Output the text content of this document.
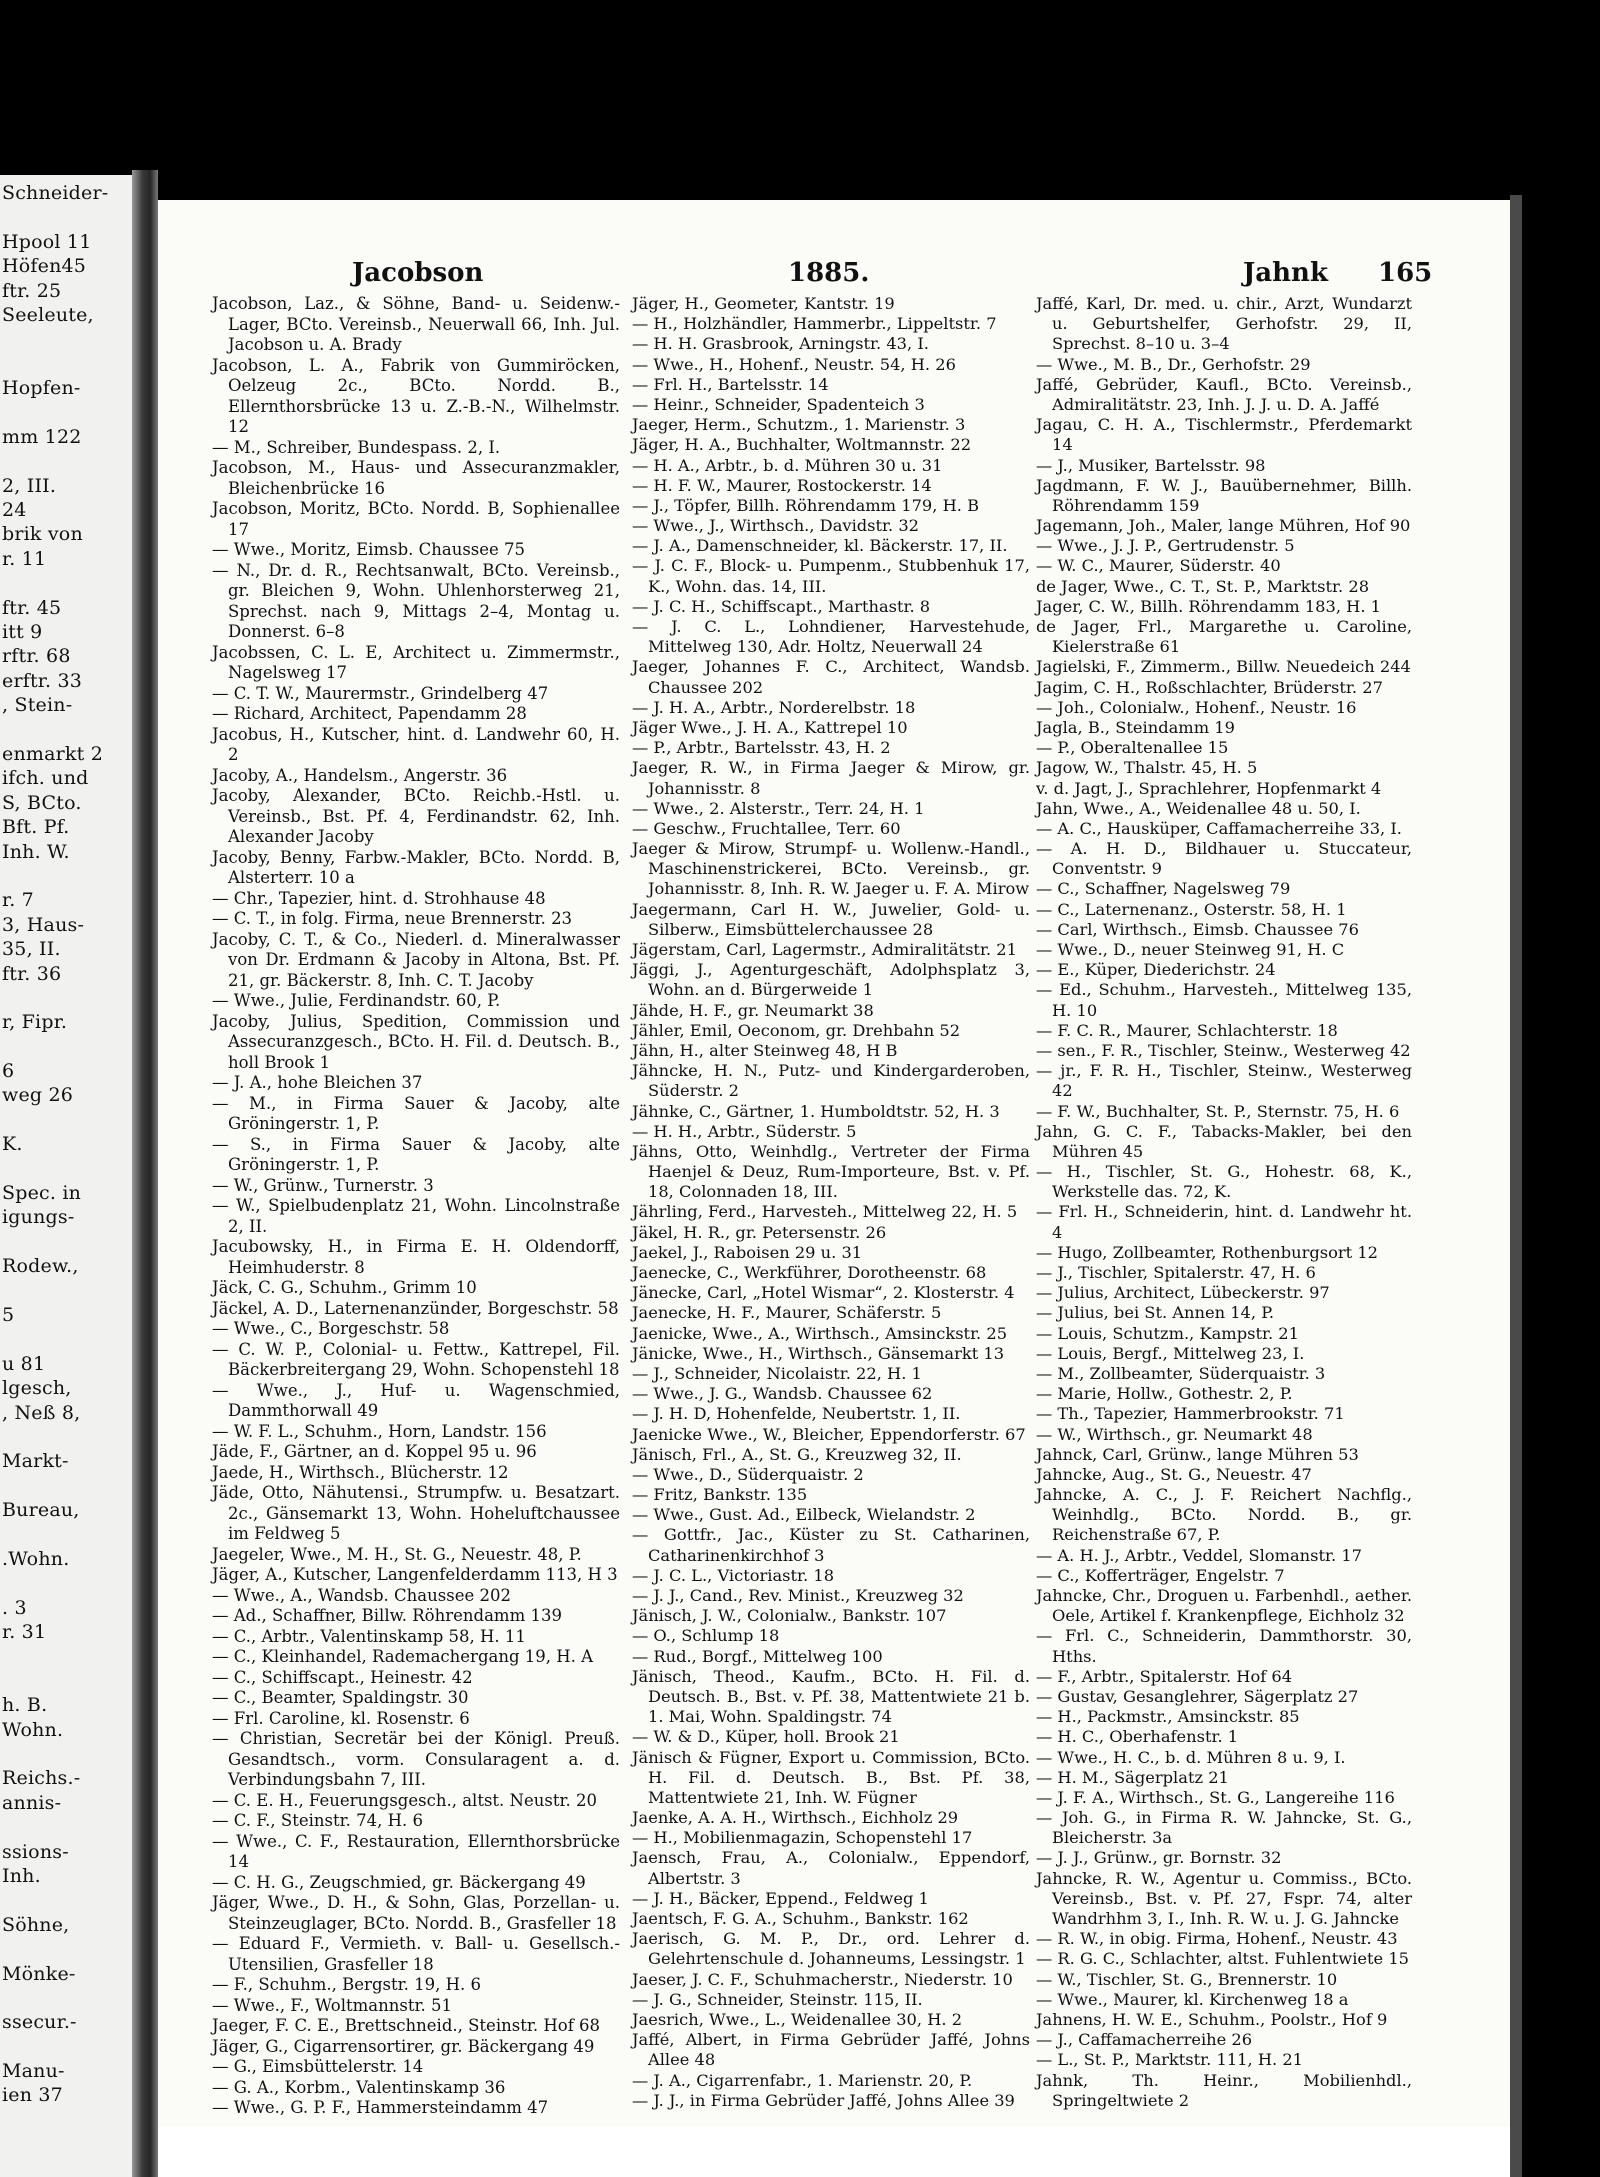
Schneider-
Hpool 11
Höfen45
ftr. 25
Seeleute,
Hopfen-
mm 122
2, III.
24
brik von
r. 11
ftr. 45
itt 9
rftr. 68
erftr. 33
, Stein-
enmarkt 2
ifch. und
S, BCto.
Bft. Pf.
Inh. W.
r. 7
3, Haus-
35, II.
ftr. 36
r, Fipr.
6
weg 26
K.
Spec. in
igungs-
Rodew.,
5
u 81
lgesch,
, Neß 8,
Markt-
Bureau,
.Wohn.
. 3
r. 31
h. B.
Wohn.
Reichs.-
annis-
ssions-
Inh.
Söhne,
Mönke-
ssecur.-
Manu-
ien 37
Jacobson	1885.	Jahnk 165
Jacobson, Laz., & Söhne, Band- u. Seidenw.-Lager, BCto. Vereinsb., Neuerwall 66, Inh. Jul. Jacobson u. A. Brady
Jacobson, L. A., Fabrik von Gummiröcken, Oelzeug 2c., BCto. Nordd. B., Ellernthorsbrücke 13 u. Z.-B.-N., Wilhelmstr. 12
— M., Schreiber, Bundespass. 2, I.
Jacobson, M., Haus- und Assecuranzmakler, Bleichenbrücke 16
Jacobson, Moritz, BCto. Nordd. B, Sophienallee 17
— Wwe., Moritz, Eimsb. Chaussee 75
— N., Dr. d. R., Rechtsanwalt, BCto. Vereinsb., gr. Bleichen 9, Wohn. Uhlenhorsterweg 21, Sprechst. nach 9, Mittags 2–4, Montag u. Donnerst. 6–8
Jacobssen, C. L. E, Architect u. Zimmermstr., Nagelsweg 17
— C. T. W., Maurermstr., Grindelberg 47
— Richard, Architect, Papendamm 28
Jacobus, H., Kutscher, hint. d. Landwehr 60, H. 2
Jacoby, A., Handelsm., Angerstr. 36
Jacoby, Alexander, BCto. Reichb.-Hstl. u. Vereinsb., Bst. Pf. 4, Ferdinandstr. 62, Inh. Alexander Jacoby
Jacoby, Benny, Farbw.-Makler, BCto. Nordd. B, Alsterterr. 10 a
— Chr., Tapezier, hint. d. Strohhause 48
— C. T., in folg. Firma, neue Brennerstr. 23
Jacoby, C. T., & Co., Niederl. d. Mineralwasser von Dr. Erdmann & Jacoby in Altona, Bst. Pf. 21, gr. Bäckerstr. 8, Inh. C. T. Jacoby
— Wwe., Julie, Ferdinandstr. 60, P.
Jacoby, Julius, Spedition, Commission und Assecuranzgesch., BCto. H. Fil. d. Deutsch. B., holl Brook 1
— J. A., hohe Bleichen 37
— M., in Firma Sauer & Jacoby, alte Gröningerstr. 1, P.
— S., in Firma Sauer & Jacoby, alte Gröningerstr. 1, P.
— W., Grünw., Turnerstr. 3
— W., Spielbudenplatz 21, Wohn. Lincolnstraße 2, II.
Jacubowsky, H., in Firma E. H. Oldendorff, Heimhuderstr. 8
Jäck, C. G., Schuhm., Grimm 10
Jäckel, A. D., Laternenanzünder, Borgeschstr. 58
— Wwe., C., Borgeschstr. 58
— C. W. P., Colonial- u. Fettw., Kattrepel, Fil. Bäckerbreitergang 29, Wohn. Schopenstehl 18
— Wwe., J., Huf- u. Wagenschmied, Dammthorwall 49
— W. F. L., Schuhm., Horn, Landstr. 156
Jäde, F., Gärtner, an d. Koppel 95 u. 96
Jaede, H., Wirthsch., Blücherstr. 12
Jäde, Otto, Nähutensi., Strumpfw. u. Besatzart. 2c., Gänsemarkt 13, Wohn. Hoheluftchaussee im Feldweg 5
Jaegeler, Wwe., M. H., St. G., Neuestr. 48, P.
Jäger, A., Kutscher, Langenfelderdamm 113, H 3
— Wwe., A., Wandsb. Chaussee 202
— Ad., Schaffner, Billw. Röhrendamm 139
— C., Arbtr., Valentinskamp 58, H. 11
— C., Kleinhandel, Rademachergang 19, H. A
— C., Schiffscapt., Heinestr. 42
— C., Beamter, Spaldingstr. 30
— Frl. Caroline, kl. Rosenstr. 6
— Christian, Secretär bei der Königl. Preuß. Gesandtsch., vorm. Consularagent a. d. Verbindungsbahn 7, III.
— C. E. H., Feuerungsgesch., altst. Neustr. 20
— C. F., Steinstr. 74, H. 6
— Wwe., C. F., Restauration, Ellernthorsbrücke 14
— C. H. G., Zeugschmied, gr. Bäckergang 49
Jäger, Wwe., D. H., & Sohn, Glas, Porzellan- u. Steinzeuglager, BCto. Nordd. B., Grasfeller 18
— Eduard F., Vermieth. v. Ball- u. Gesellsch.-Utensilien, Grasfeller 18
— F., Schuhm., Bergstr. 19, H. 6
— Wwe., F., Woltmannstr. 51
Jaeger, F. C. E., Brettschneid., Steinstr. Hof 68
Jäger, G., Cigarrensortirer, gr. Bäckergang 49
— G., Eimsbüttelerstr. 14
— G. A., Korbm., Valentinskamp 36
— Wwe., G. P. F., Hammersteindamm 47
Jäger, H., Geometer, Kantstr. 19
— H., Holzhändler, Hammerbr., Lippeltstr. 7
— H. H. Grasbrook, Arningstr. 43, I.
— Wwe., H., Hohenf., Neustr. 54, H. 26
— Frl. H., Bartelsstr. 14
— Heinr., Schneider, Spadenteich 3
Jaeger, Herm., Schutzm., 1. Marienstr. 3
Jäger, H. A., Buchhalter, Woltmannstr. 22
— H. A., Arbtr., b. d. Mühren 30 u. 31
— H. F. W., Maurer, Rostockerstr. 14
— J., Töpfer, Billh. Röhrendamm 179, H. B
— Wwe., J., Wirthsch., Davidstr. 32
— J. A., Damenschneider, kl. Bäckerstr. 17, II.
— J. C. F., Block- u. Pumpenm., Stubbenhuk 17, K., Wohn. das. 14, III.
— J. C. H., Schiffscapt., Marthastr. 8
— J. C. L., Lohndiener, Harvestehude, Mittelweg 130, Adr. Holtz, Neuerwall 24
Jaeger, Johannes F. C., Architect, Wandsb. Chaussee 202
— J. H. A., Arbtr., Norderelbstr. 18
Jäger Wwe., J. H. A., Kattrepel 10
— P., Arbtr., Bartelsstr. 43, H. 2
Jaeger, R. W., in Firma Jaeger & Mirow, gr. Johannisstr. 8
— Wwe., 2. Alsterstr., Terr. 24, H. 1
— Geschw., Fruchtallee, Terr. 60
Jaeger & Mirow, Strumpf- u. Wollenw.-Handl., Maschinenstrickerei, BCto. Vereinsb., gr. Johannisstr. 8, Inh. R. W. Jaeger u. F. A. Mirow
Jaegermann, Carl H. W., Juwelier, Gold- u. Silberw., Eimsbüttelerchaussee 28
Jägerstam, Carl, Lagermstr., Admiralitätstr. 21
Jäggi, J., Agenturgeschäft, Adolphsplatz 3, Wohn. an d. Bürgerweide 1
Jähde, H. F., gr. Neumarkt 38
Jähler, Emil, Oeconom, gr. Drehbahn 52
Jähn, H., alter Steinweg 48, H B
Jähncke, H. N., Putz- und Kindergarderoben, Süderstr. 2
Jähnke, C., Gärtner, 1. Humboldtstr. 52, H. 3
— H. H., Arbtr., Süderstr. 5
Jähns, Otto, Weinhdlg., Vertreter der Firma Haenjel & Deuz, Rum-Importeure, Bst. v. Pf. 18, Colonnaden 18, III.
Jährling, Ferd., Harvesteh., Mittelweg 22, H. 5
Jäkel, H. R., gr. Petersenstr. 26
Jaekel, J., Raboisen 29 u. 31
Jaenecke, C., Werkführer, Dorotheenstr. 68
Jänecke, Carl, „Hotel Wismar“, 2. Klosterstr. 4
Jaenecke, H. F., Maurer, Schäferstr. 5
Jaenicke, Wwe., A., Wirthsch., Amsinckstr. 25
Jänicke, Wwe., H., Wirthsch., Gänsemarkt 13
— J., Schneider, Nicolaistr. 22, H. 1
— Wwe., J. G., Wandsb. Chaussee 62
— J. H. D, Hohenfelde, Neubertstr. 1, II.
Jaenicke Wwe., W., Bleicher, Eppendorferstr. 67
Jänisch, Frl., A., St. G., Kreuzweg 32, II.
— Wwe., D., Süderquaistr. 2
— Fritz, Bankstr. 135
— Wwe., Gust. Ad., Eilbeck, Wielandstr. 2
— Gottfr., Jac., Küster zu St. Catharinen, Catharinenkirchhof 3
— J. C. L., Victoriastr. 18
— J. J., Cand., Rev. Minist., Kreuzweg 32
Jänisch, J. W., Colonialw., Bankstr. 107
— O., Schlump 18
— Rud., Borgf., Mittelweg 100
Jänisch, Theod., Kaufm., BCto. H. Fil. d. Deutsch. B., Bst. v. Pf. 38, Mattentwiete 21 b. 1. Mai, Wohn. Spaldingstr. 74
— W. & D., Küper, holl. Brook 21
Jänisch & Fügner, Export u. Commission, BCto. H. Fil. d. Deutsch. B., Bst. Pf. 38, Mattentwiete 21, Inh. W. Fügner
Jaenke, A. A. H., Wirthsch., Eichholz 29
— H., Mobilienmagazin, Schopenstehl 17
Jaensch, Frau, A., Colonialw., Eppendorf, Albertstr. 3
— J. H., Bäcker, Eppend., Feldweg 1
Jaentsch, F. G. A., Schuhm., Bankstr. 162
Jaerisch, G. M. P., Dr., ord. Lehrer d. Gelehrtenschule d. Johanneums, Lessingstr. 1
Jaeser, J. C. F., Schuhmacherstr., Niederstr. 10
— J. G., Schneider, Steinstr. 115, II.
Jaesrich, Wwe., L., Weidenallee 30, H. 2
Jaffé, Albert, in Firma Gebrüder Jaffé, Johns Allee 48
— J. A., Cigarrenfabr., 1. Marienstr. 20, P.
— J. J., in Firma Gebrüder Jaffé, Johns Allee 39
Jaffé, Karl, Dr. med. u. chir., Arzt, Wundarzt u. Geburtshelfer, Gerhofstr. 29, II, Sprechst. 8–10 u. 3–4
— Wwe., M. B., Dr., Gerhofstr. 29
Jaffé, Gebrüder, Kaufl., BCto. Vereinsb., Admiralitätstr. 23, Inh. J. J. u. D. A. Jaffé
Jagau, C. H. A., Tischlermstr., Pferdemarkt 14
— J., Musiker, Bartelsstr. 98
Jagdmann, F. W. J., Bauübernehmer, Billh. Röhrendamm 159
Jagemann, Joh., Maler, lange Mühren, Hof 90
— Wwe., J. J. P., Gertrudenstr. 5
— W. C., Maurer, Süderstr. 40
de Jager, Wwe., C. T., St. P., Marktstr. 28
Jager, C. W., Billh. Röhrendamm 183, H. 1
de Jager, Frl., Margarethe u. Caroline, Kielerstraße 61
Jagielski, F., Zimmerm., Billw. Neuedeich 244
Jagim, C. H., Roßschlachter, Brüderstr. 27
— Joh., Colonialw., Hohenf., Neustr. 16
Jagla, B., Steindamm 19
— P., Oberaltenallee 15
Jagow, W., Thalstr. 45, H. 5
v. d. Jagt, J., Sprachlehrer, Hopfenmarkt 4
Jahn, Wwe., A., Weidenallee 48 u. 50, I.
— A. C., Hausküper, Caffamacherreihe 33, I.
— A. H. D., Bildhauer u. Stuccateur, Conventstr. 9
— C., Schaffner, Nagelsweg 79
— C., Laternenanz., Osterstr. 58, H. 1
— Carl, Wirthsch., Eimsb. Chaussee 76
— Wwe., D., neuer Steinweg 91, H. C
— E., Küper, Diederichstr. 24
— Ed., Schuhm., Harvesteh., Mittelweg 135, H. 10
— F. C. R., Maurer, Schlachterstr. 18
— sen., F. R., Tischler, Steinw., Westerweg 42
— jr., F. R. H., Tischler, Steinw., Westerweg 42
— F. W., Buchhalter, St. P., Sternstr. 75, H. 6
Jahn, G. C. F., Tabacks-Makler, bei den Mühren 45
— H., Tischler, St. G., Hohestr. 68, K., Werkstelle das. 72, K.
— Frl. H., Schneiderin, hint. d. Landwehr ht. 4
— Hugo, Zollbeamter, Rothenburgsort 12
— J., Tischler, Spitalerstr. 47, H. 6
— Julius, Architect, Lübeckerstr. 97
— Julius, bei St. Annen 14, P.
— Louis, Schutzm., Kampstr. 21
— Louis, Bergf., Mittelweg 23, I.
— M., Zollbeamter, Süderquaistr. 3
— Marie, Hollw., Gothestr. 2, P.
— Th., Tapezier, Hammerbrookstr. 71
— W., Wirthsch., gr. Neumarkt 48
Jahnck, Carl, Grünw., lange Mühren 53
Jahncke, Aug., St. G., Neuestr. 47
Jahncke, A. C., J. F. Reichert Nachflg., Weinhdlg., BCto. Nordd. B., gr. Reichenstraße 67, P.
— A. H. J., Arbtr., Veddel, Slomanstr. 17
— C., Kofferträger, Engelstr. 7
Jahncke, Chr., Droguen u. Farbenhdl., aether. Oele, Artikel f. Krankenpflege, Eichholz 32
— Frl. C., Schneiderin, Dammthorstr. 30, Hths.
— F., Arbtr., Spitalerstr. Hof 64
— Gustav, Gesanglehrer, Sägerplatz 27
— H., Packmstr., Amsinckstr. 85
— H. C., Oberhafenstr. 1
— Wwe., H. C., b. d. Mühren 8 u. 9, I.
— H. M., Sägerplatz 21
— J. F. A., Wirthsch., St. G., Langereihe 116
— Joh. G., in Firma R. W. Jahncke, St. G., Bleicherstr. 3a
— J. J., Grünw., gr. Bornstr. 32
Jahncke, R. W., Agentur u. Commiss., BCto. Vereinsb., Bst. v. Pf. 27, Fspr. 74, alter Wandrhhm 3, I., Inh. R. W. u. J. G. Jahncke
— R. W., in obig. Firma, Hohenf., Neustr. 43
— R. G. C., Schlachter, altst. Fuhlentwiete 15
— W., Tischler, St. G., Brennerstr. 10
— Wwe., Maurer, kl. Kirchenweg 18 a
Jahnens, H. W. E., Schuhm., Poolstr., Hof 9
— J., Caffamacherreihe 26
— L., St. P., Marktstr. 111, H. 21
Jahnk, Th. Heinr., Mobilienhdl., Springeltwiete 2
